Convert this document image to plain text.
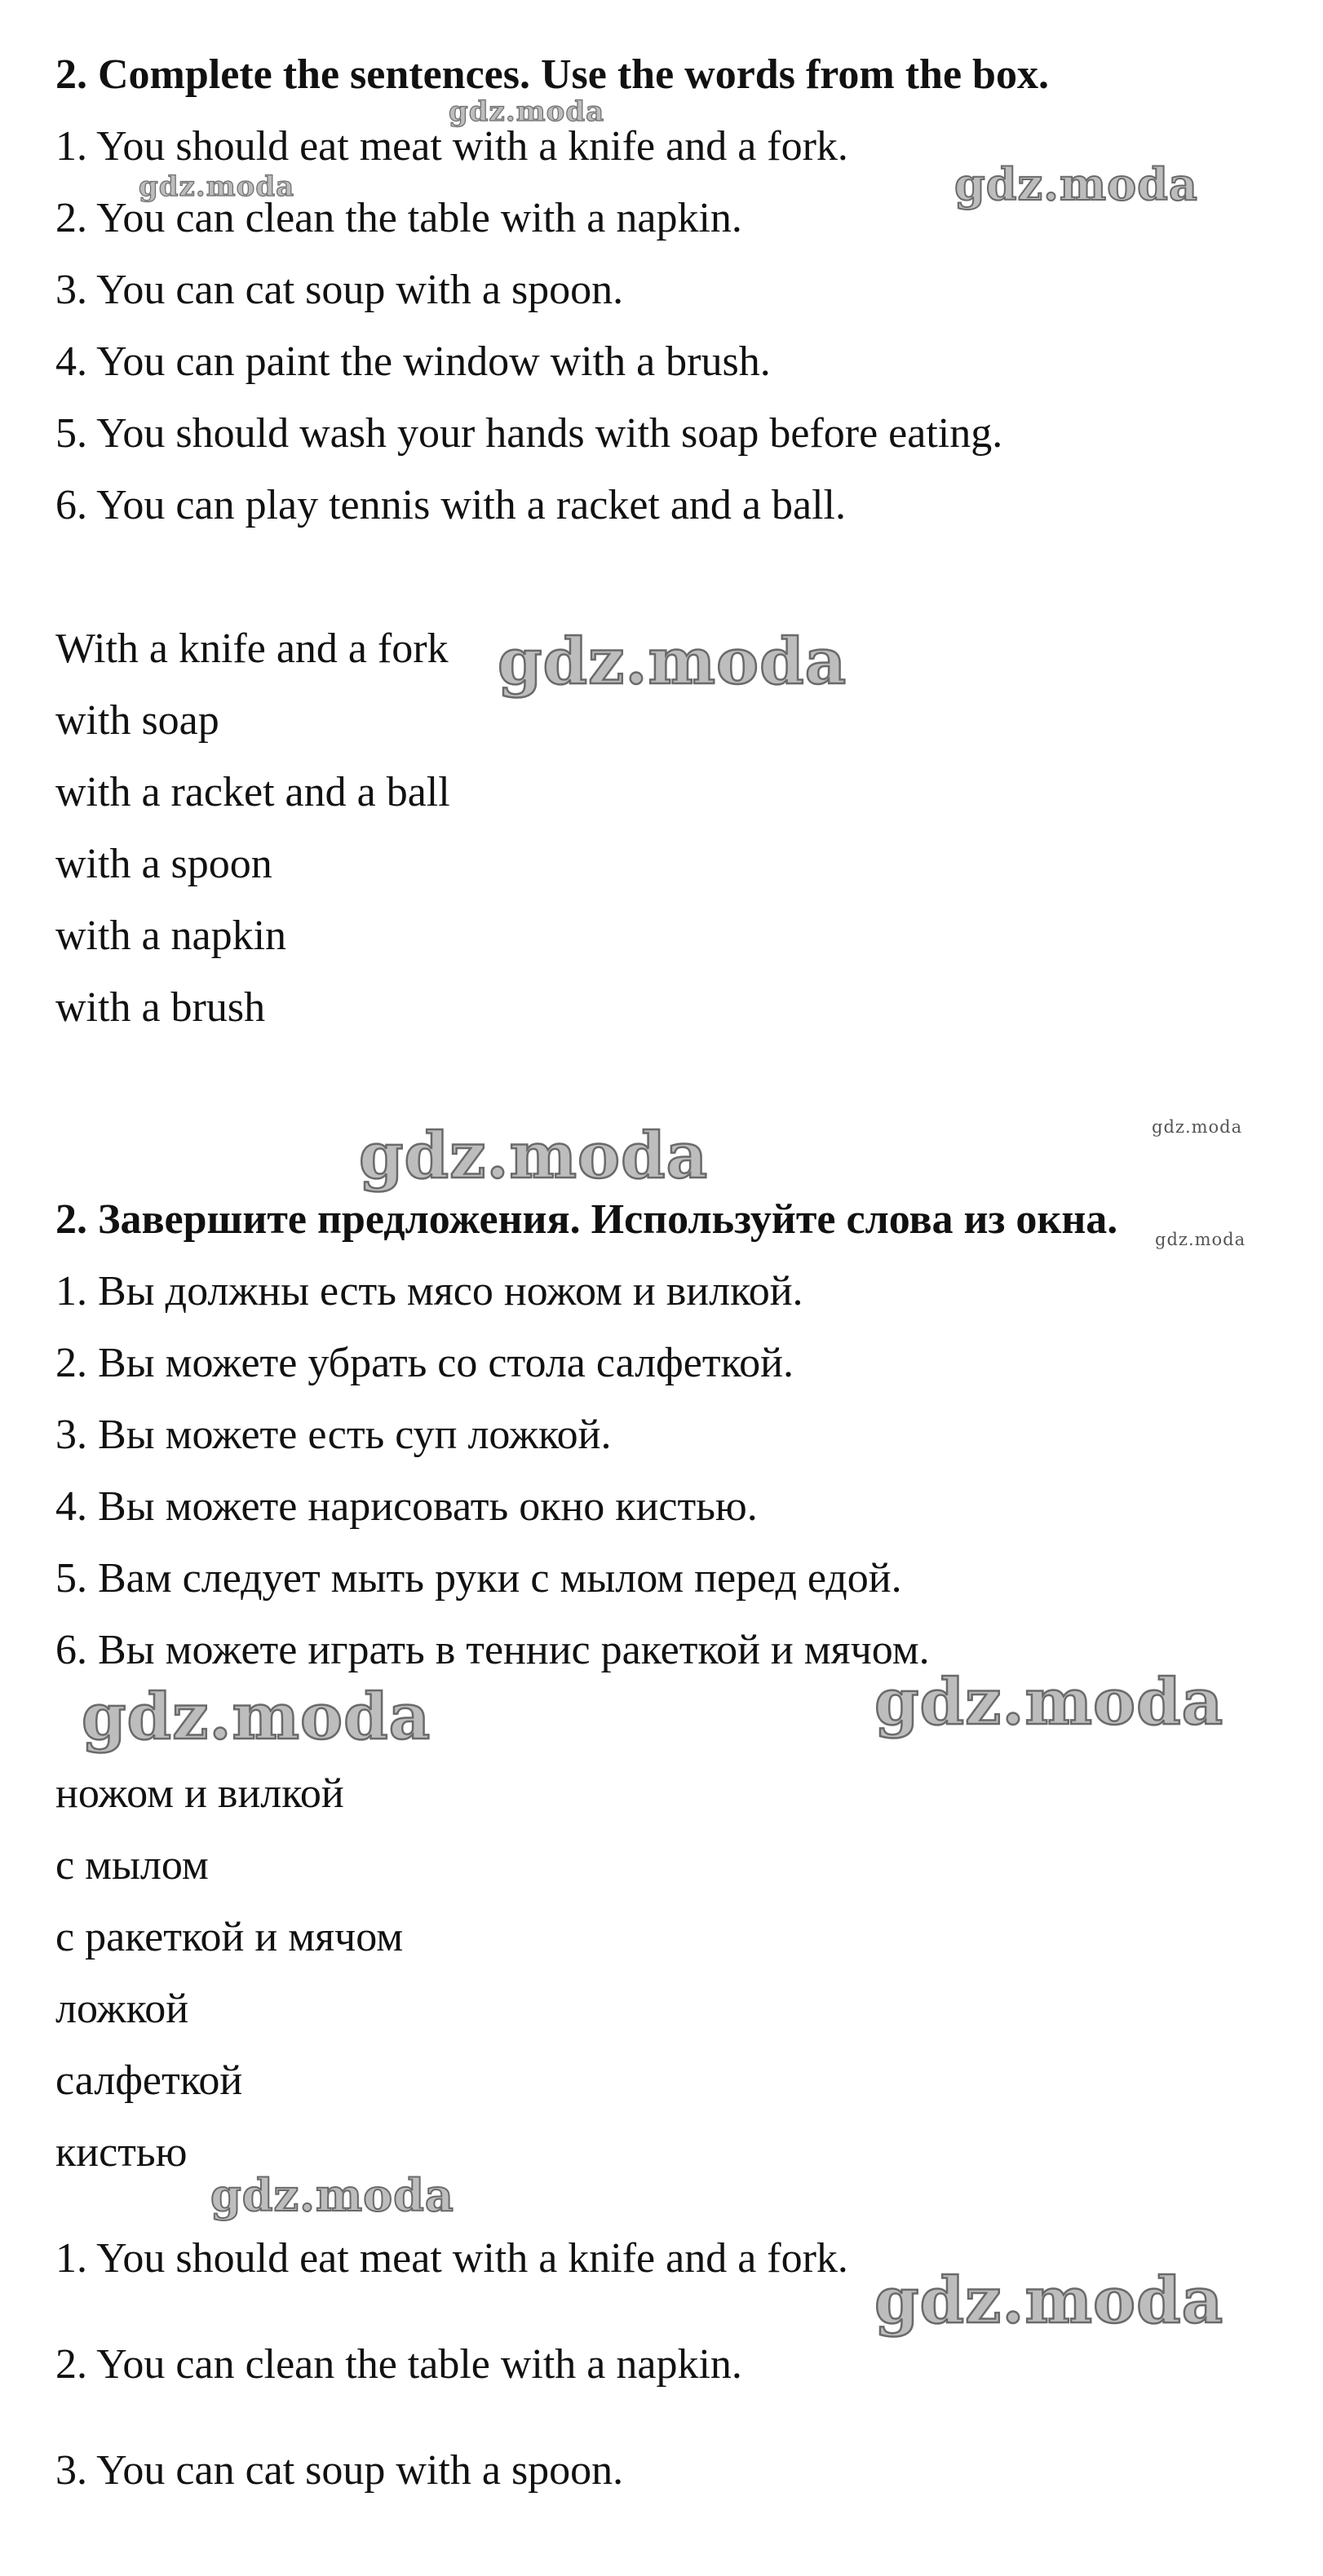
2. Complete the sentences. Use the words from the box.
1. You should eat meat with a knife and a fork.
2. You can clean the table with a napkin.
3. You can cat soup with a spoon.
4. You can paint the window with a brush.
5. You should wash your hands with soap before eating.
6. You can play tennis with a racket and a ball.
With a knife and a fork
with soap
with a racket and a ball
with a spoon
with a napkin
with a brush
2. Завершите предложения. Используйте слова из окна.
1. Вы должны есть мясо ножом и вилкой.
2. Вы можете убрать со стола салфеткой.
3. Вы можете есть суп ложкой.
4. Вы можете нарисовать окно кистью.
5. Вам следует мыть руки с мылом перед едой.
6. Вы можете играть в теннис ракеткой и мячом.
ножом и вилкой
с мылом
с ракеткой и мячом
ложкой
салфеткой
кистью
1. You should eat meat with a knife and a fork.
2. You can clean the table with a napkin.
3. You can cat soup with a spoon.
gdz.moda
gdz.moda	gdz.moda
gdz.moda
gdz.moda	gdz.moda
gdz.moda
gdz.moda	gdz.moda
gdz.moda
gdz.moda
